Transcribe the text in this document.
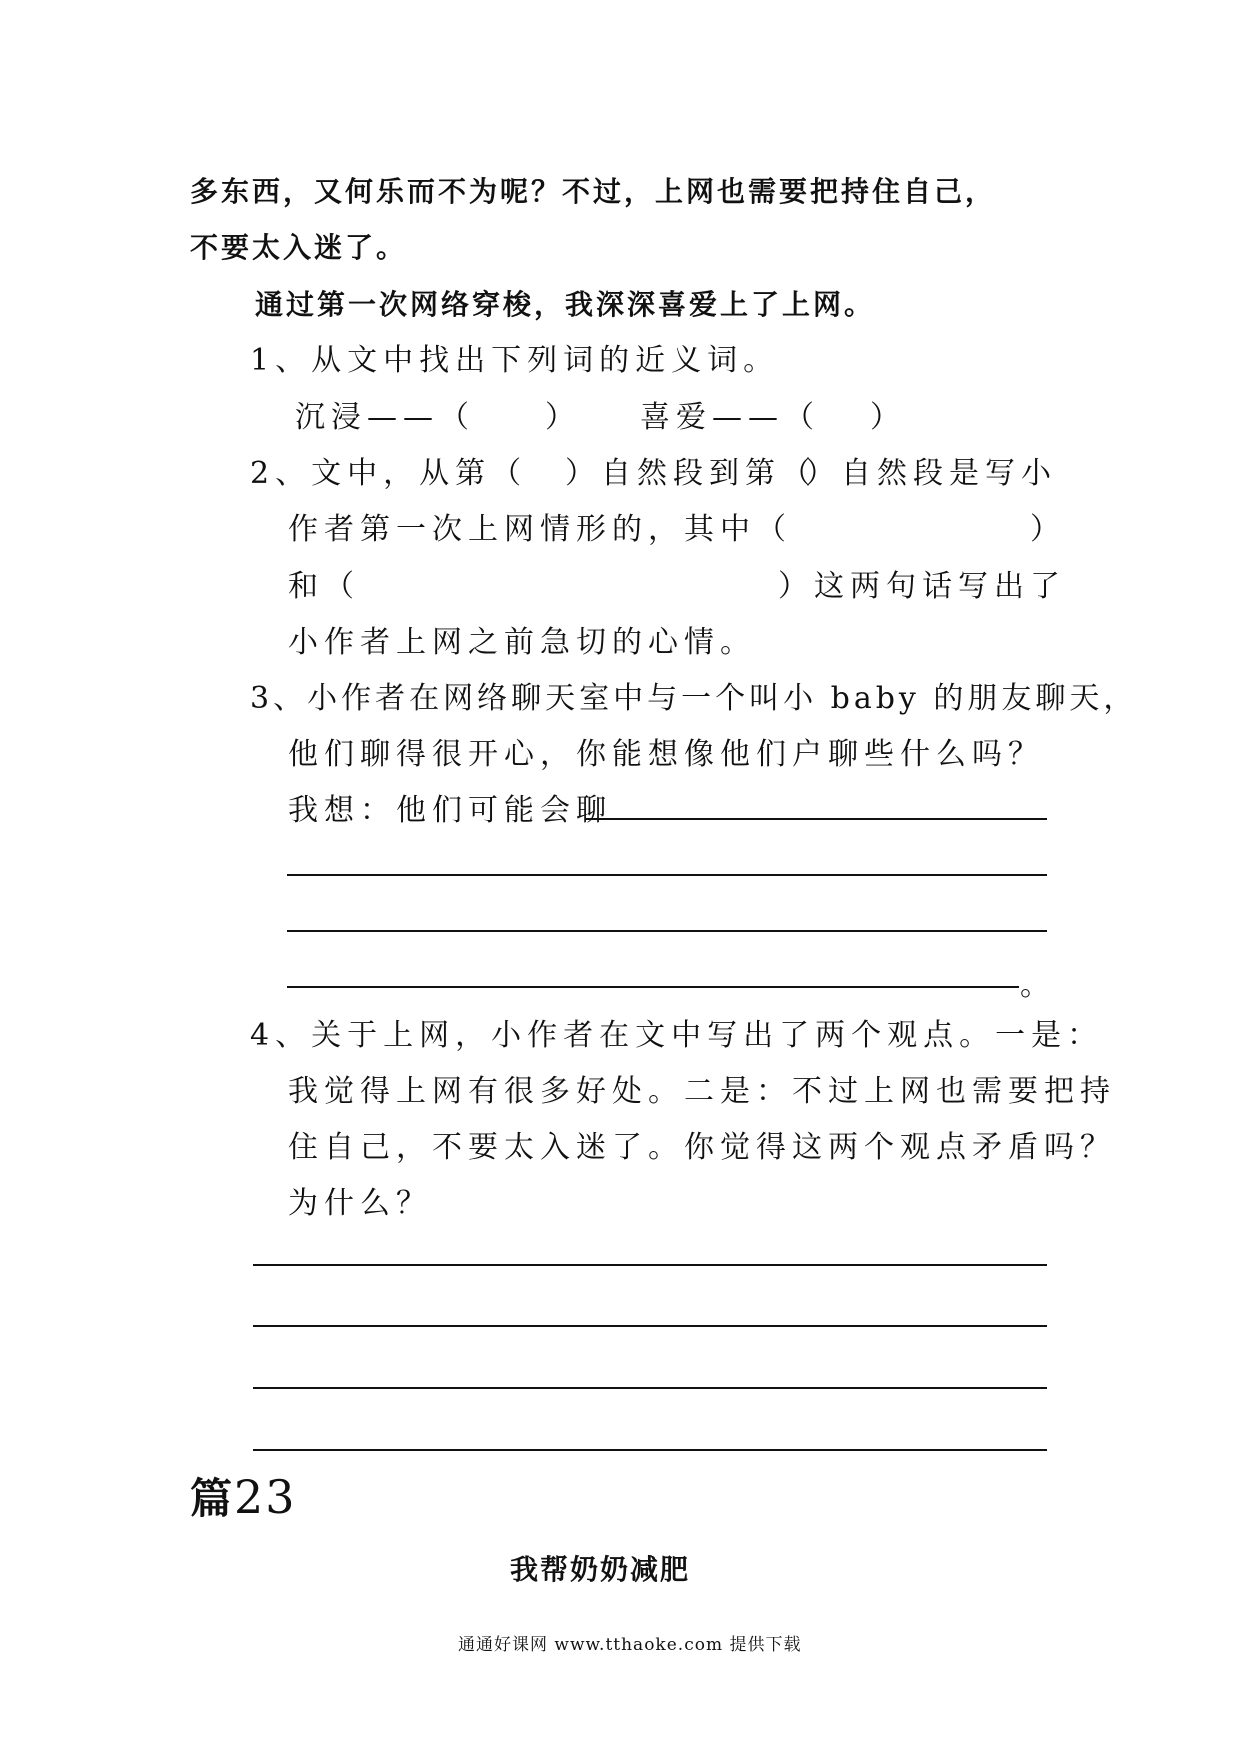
多东西，又何乐而不为呢？不过，上网也需要把持住自己，
不要太入迷了。
通过第一次网络穿梭，我深深喜爱上了上网。
1、从文中找出下列词的近义词。
沉浸——（ ） 喜爱——（ ）
2、文中，从第（ ）自然段到第（
）自然段是写小
作者第一次上网情形的，其中（	）
和（	）这两句话写出了
小作者上网之前急切的心情。
3、小作者在网络聊天室中与一个叫小 baby 的朋友聊天，
他们聊得很开心，你能想像他们户聊些什么吗？
我想：他们可能会聊
。
4、关于上网，小作者在文中写出了两个观点。一是：
我觉得上网有很多好处。二是：不过上网也需要把持
住自己，不要太入迷了。你觉得这两个观点矛盾吗？
为什么？
篇23
我帮奶奶减肥
通通好课网 www.tthaoke.com 提供下载
